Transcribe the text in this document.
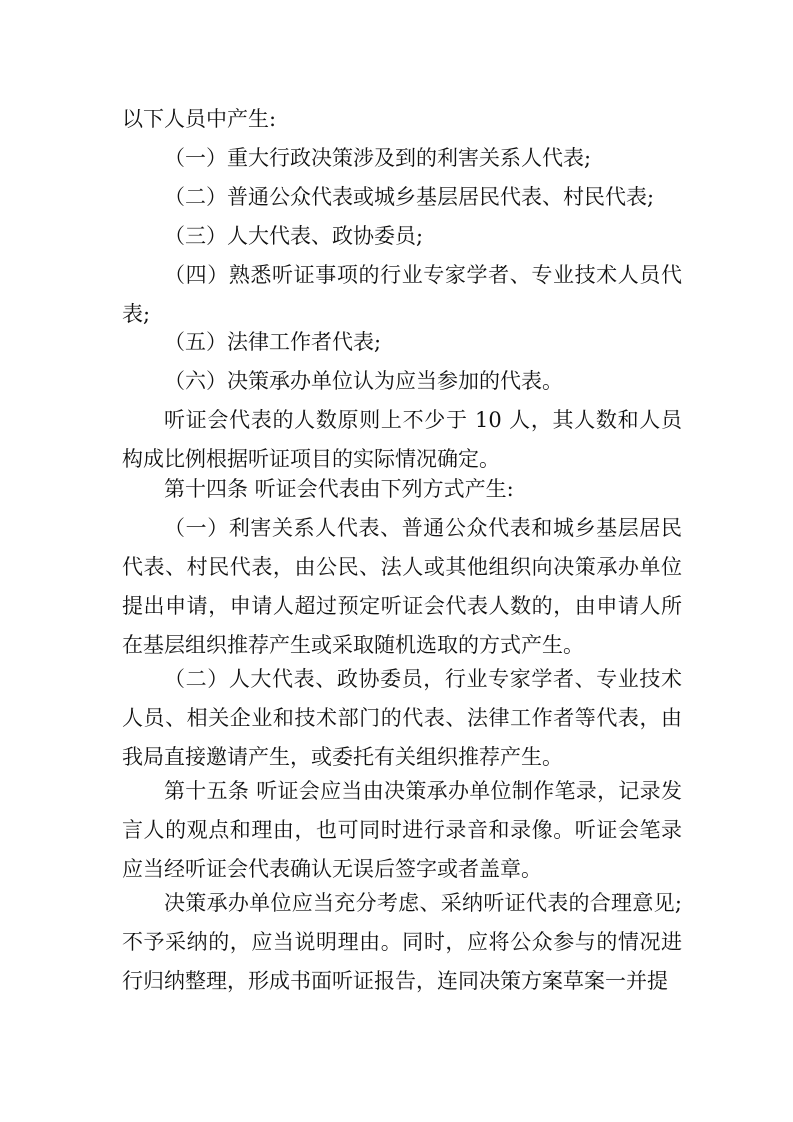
以下人员中产生:

（一）重大行政决策涉及到的利害关系人代表;

（二）普通公众代表或城乡基层居民代表、村民代表;

（三）人大代表、政协委员;

（四）熟悉听证事项的行业专家学者、专业技术人员代表;

（五）法律工作者代表;

（六）决策承办单位认为应当参加的代表。

听证会代表的人数原则上不少于 10 人，其人数和人员构成比例根据听证项目的实际情况确定。

第十四条 听证会代表由下列方式产生:

（一）利害关系人代表、普通公众代表和城乡基层居民代表、村民代表，由公民、法人或其他组织向决策承办单位提出申请，申请人超过预定听证会代表人数的，由申请人所在基层组织推荐产生或采取随机选取的方式产生。

（二）人大代表、政协委员，行业专家学者、专业技术人员、相关企业和技术部门的代表、法律工作者等代表，由我局直接邀请产生，或委托有关组织推荐产生。

第十五条 听证会应当由决策承办单位制作笔录，记录发言人的观点和理由，也可同时进行录音和录像。听证会笔录应当经听证会代表确认无误后签字或者盖章。

决策承办单位应当充分考虑、采纳听证代表的合理意见;不予采纳的，应当说明理由。同时，应将公众参与的情况进行归纳整理，形成书面听证报告，连同决策方案草案一并提
